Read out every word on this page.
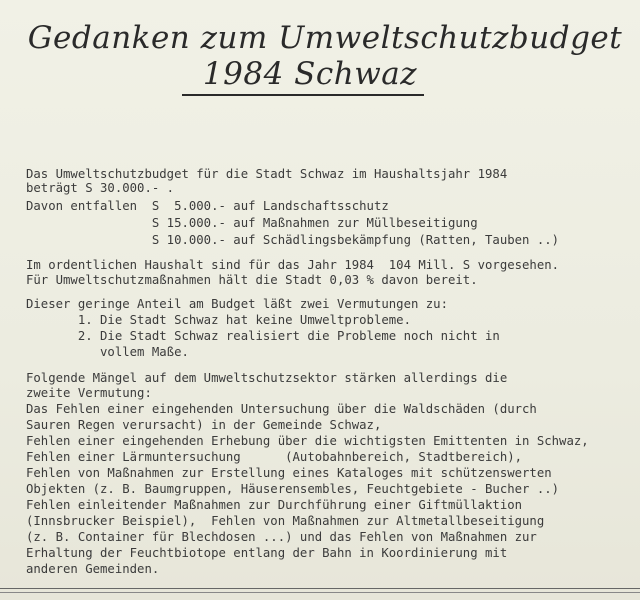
Gedanken zum Umweltschutzbudget
1984 Schwaz
Das Umweltschutzbudget für die Stadt Schwaz im Haushaltsjahr 1984
beträgt S 30.000.- .
Davon entfallen  S  5.000.- auf Landschaftsschutz
S 15.000.- auf Maßnahmen zur Müllbeseitigung
S 10.000.- auf Schädlingsbekämpfung (Ratten, Tauben ..)
Im ordentlichen Haushalt sind für das Jahr 1984  104 Mill. S vorgesehen.
Für Umweltschutzmaßnahmen hält die Stadt 0,03 % davon bereit.
Dieser geringe Anteil am Budget läßt zwei Vermutungen zu:
1. Die Stadt Schwaz hat keine Umweltprobleme.
2. Die Stadt Schwaz realisiert die Probleme noch nicht in
vollem Maße.
Folgende Mängel auf dem Umweltschutzsektor stärken allerdings die
zweite Vermutung:
Das Fehlen einer eingehenden Untersuchung über die Waldschäden (durch
Sauren Regen verursacht) in der Gemeinde Schwaz,
Fehlen einer eingehenden Erhebung über die wichtigsten Emittenten in Schwaz,
Fehlen einer Lärmuntersuchung      (Autobahnbereich, Stadtbereich),
Fehlen von Maßnahmen zur Erstellung eines Kataloges mit schützenswerten
Objekten (z. B. Baumgruppen, Häuserensembles, Feuchtgebiete - Bucher ..)
Fehlen einleitender Maßnahmen zur Durchführung einer Giftmüllaktion
(Innsbrucker Beispiel),  Fehlen von Maßnahmen zur Altmetallbeseitigung
(z. B. Container für Blechdosen ...) und das Fehlen von Maßnahmen zur
Erhaltung der Feuchtbiotope entlang der Bahn in Koordinierung mit
anderen Gemeinden.
